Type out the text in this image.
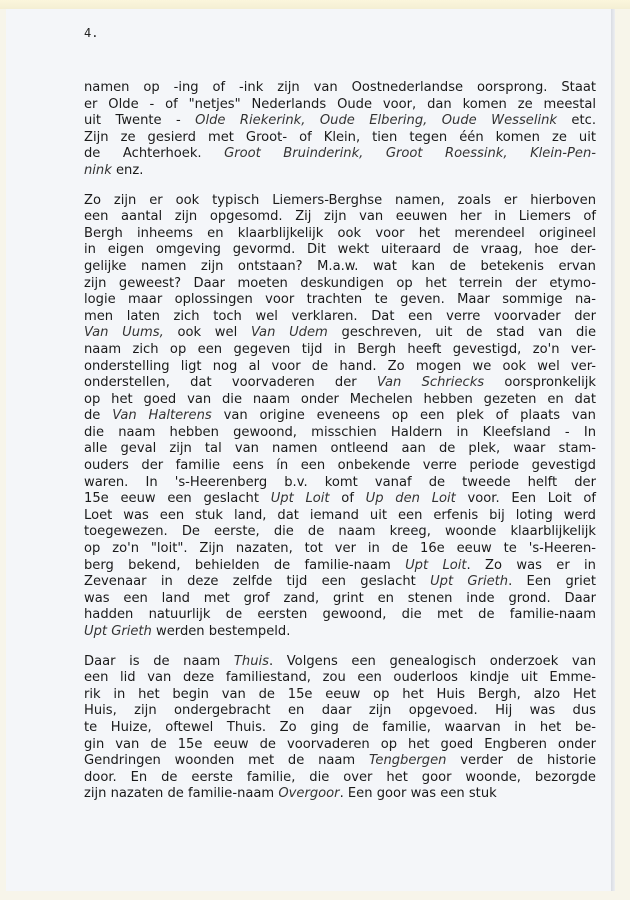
4.
namen op -ing of -ink zijn van Oostnederlandse oorsprong. Staat
er Olde - of "netjes" Nederlands Oude voor, dan komen ze meestal
uit Twente - Olde Riekerink, Oude Elbering, Oude Wesselink etc.
Zijn ze gesierd met Groot- of Klein, tien tegen één komen ze uit
de Achterhoek. Groot Bruinderink, Groot Roessink, Klein-Pen-
nink enz.
Zo zijn er ook typisch Liemers-Berghse namen, zoals er hierboven
een aantal zijn opgesomd. Zij zijn van eeuwen her in Liemers of
Bergh inheems en klaarblijkelijk ook voor het merendeel origineel
in eigen omgeving gevormd. Dit wekt uiteraard de vraag, hoe der-
gelijke namen zijn ontstaan? M.a.w. wat kan de betekenis ervan
zijn geweest? Daar moeten deskundigen op het terrein der etymo-
logie maar oplossingen voor trachten te geven. Maar sommige na-
men laten zich toch wel verklaren. Dat een verre voorvader der
Van Uums, ook wel Van Udem geschreven, uit de stad van die
naam zich op een gegeven tijd in Bergh heeft gevestigd, zo'n ver-
onderstelling ligt nog al voor de hand. Zo mogen we ook wel ver-
onderstellen, dat voorvaderen der Van Schriecks oorspronkelijk
op het goed van die naam onder Mechelen hebben gezeten en dat
de Van Halterens van origine eveneens op een plek of plaats van
die naam hebben gewoond, misschien Haldern in Kleefsland - In
alle geval zijn tal van namen ontleend aan de plek, waar stam-
ouders der familie eens ín een onbekende verre periode gevestigd
waren. In 's-Heerenberg b.v. komt vanaf de tweede helft der
15e eeuw een geslacht Upt Loit of Up den Loit voor. Een Loit of
Loet was een stuk land, dat iemand uit een erfenis bij loting werd
toegewezen. De eerste, die de naam kreeg, woonde klaarblijkelijk
op zo'n "loit". Zijn nazaten, tot ver in de 16e eeuw te 's-Heeren-
berg bekend, behielden de familie-naam Upt Loit. Zo was er in
Zevenaar in deze zelfde tijd een geslacht Upt Grieth. Een griet
was een land met grof zand, grint en stenen inde grond. Daar
hadden natuurlijk de eersten gewoond, die met de familie-naam
Upt Grieth werden bestempeld.
Daar is de naam Thuis. Volgens een genealogisch onderzoek van
een lid van deze familiestand, zou een ouderloos kindje uit Emme-
rik in het begin van de 15e eeuw op het Huis Bergh, alzo Het
Huis, zijn ondergebracht en daar zijn opgevoed. Hij was dus
te Huize, oftewel Thuis. Zo ging de familie, waarvan in het be-
gin van de 15e eeuw de voorvaderen op het goed Engberen onder
Gendringen woonden met de naam Tengbergen verder de historie
door. En de eerste familie, die over het goor woonde, bezorgde
zijn nazaten de familie-naam Overgoor. Een goor was een stuk
